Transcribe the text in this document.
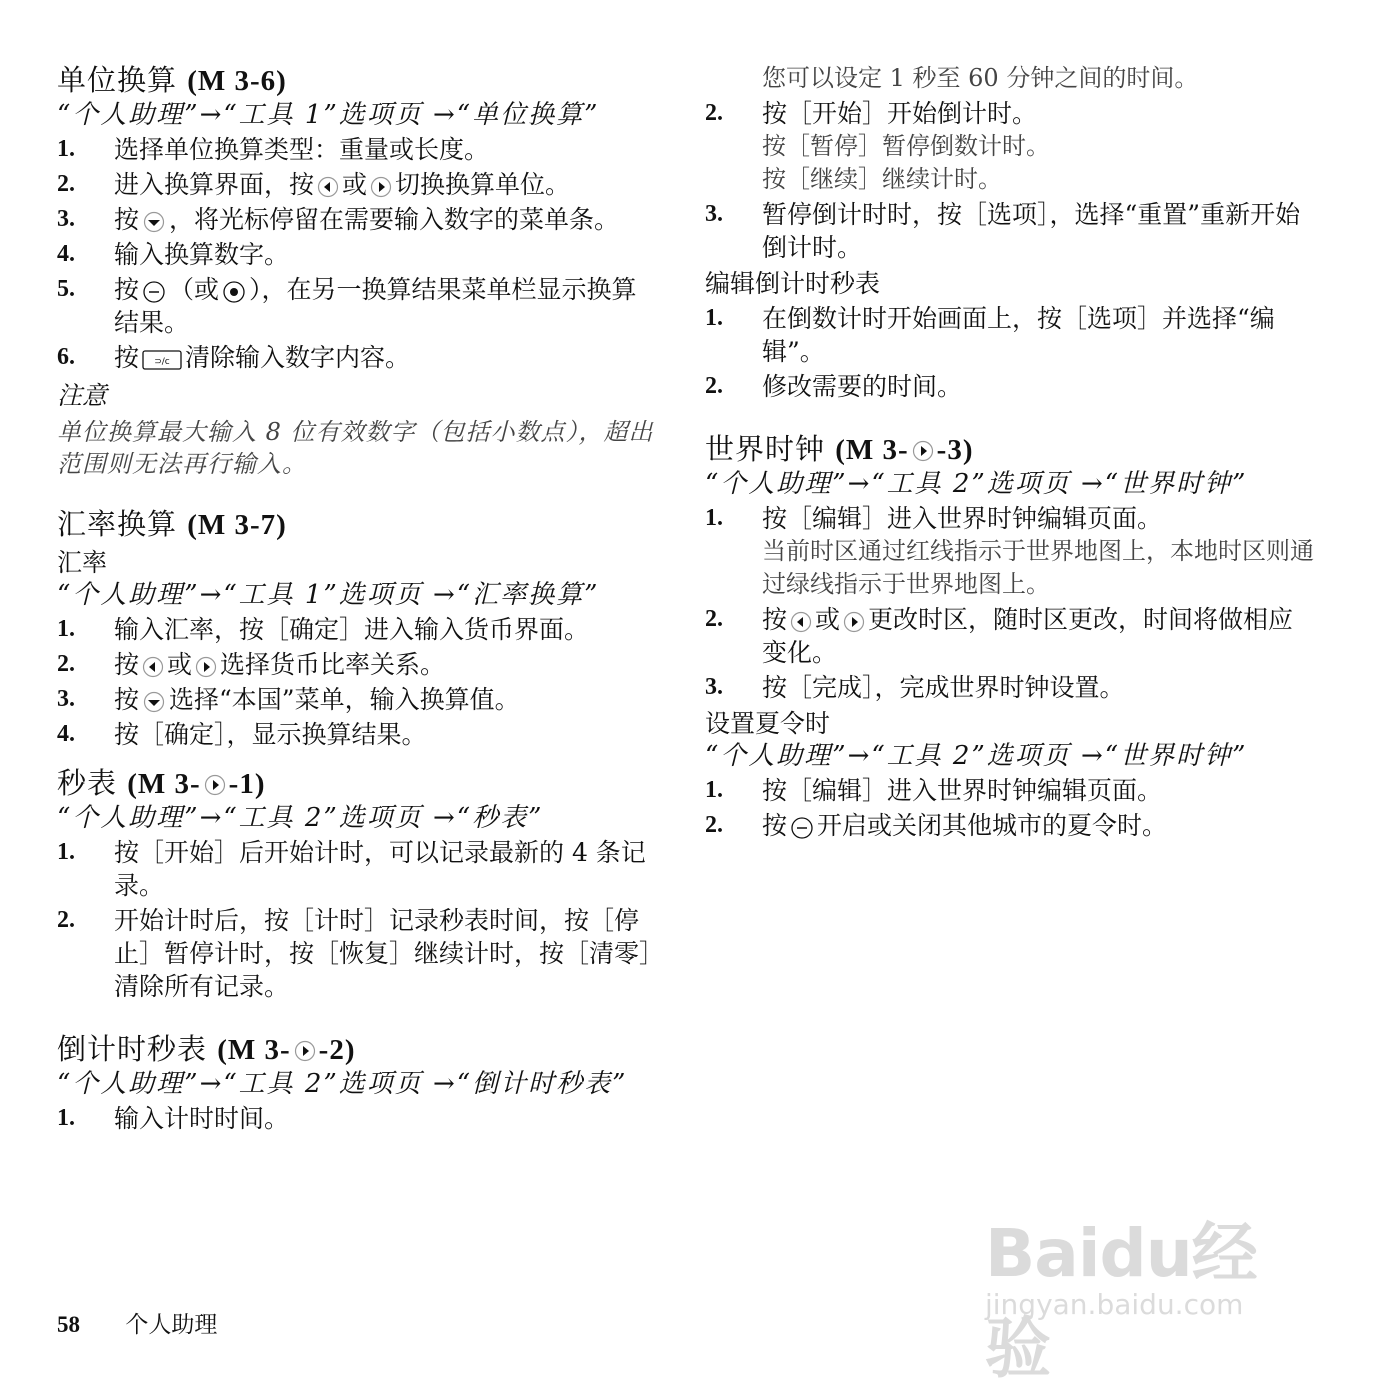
单位换算 (M 3-6)

“个人助理”→“工具 1”选项页 →“单位换算”

1. 选择单位换算类型：重量或长度。
2. 进入换算界面，按 或 切换换算单位。
3. 按 ，将光标停留在需要输入数字的菜单条。
4. 输入换算数字。
5. 按 （或 ），在另一换算结果菜单栏显示换算结果。
6. 按 ⊃/c 清除输入数字内容。

注意

单位换算最大输入 8 位有效数字（包括小数点），超出范围则无法再行输入。

汇率换算 (M 3-7)

汇率

“个人助理”→“工具 1”选项页 →“汇率换算”

1. 输入汇率，按［确定］进入输入货币界面。
2. 按 或 选择货币比率关系。
3. 按 选择“本国”菜单，输入换算值。
4. 按［确定］，显示换算结果。
秒表 (M 3- -1)

“个人助理”→“工具 2”选项页 →“秒表”

1. 按［开始］后开始计时，可以记录最新的 4 条记录。
2. 开始计时后，按［计时］记录秒表时间，按［停止］暂停计时，按［恢复］继续计时，按［清零］清除所有记录。
倒计时秒表 (M 3- -2)

“个人助理”→“工具 2”选项页 →“倒计时秒表”

1. 输入计时时间。
您可以设定 1 秒至 60 分钟之间的时间。
2. 按［开始］开始倒计时。
按［暂停］暂停倒数计时。
按［继续］继续计时。
3. 暂停倒计时时，按［选项］，选择“重置”重新开始倒计时。

编辑倒计时秒表

1. 在倒数计时开始画面上，按［选项］并选择“编辑”。
2. 修改需要的时间。
世界时钟 (M 3- -3)

“个人助理”→“工具 2”选项页 →“世界时钟”

1. 按［编辑］进入世界时钟编辑页面。
当前时区通过红线指示于世界地图上，本地时区则通过绿线指示于世界地图上。
2. 按 或 更改时区，随时区更改，时间将做相应变化。
3. 按［完成］，完成世界时钟设置。

设置夏令时

“个人助理”→“工具 2”选项页 →“世界时钟”

1. 按［编辑］进入世界时钟编辑页面。
2. 按 开启或关闭其他城市的夏令时。
58 个人助理
Baidu经验
jingyan.baidu.com
